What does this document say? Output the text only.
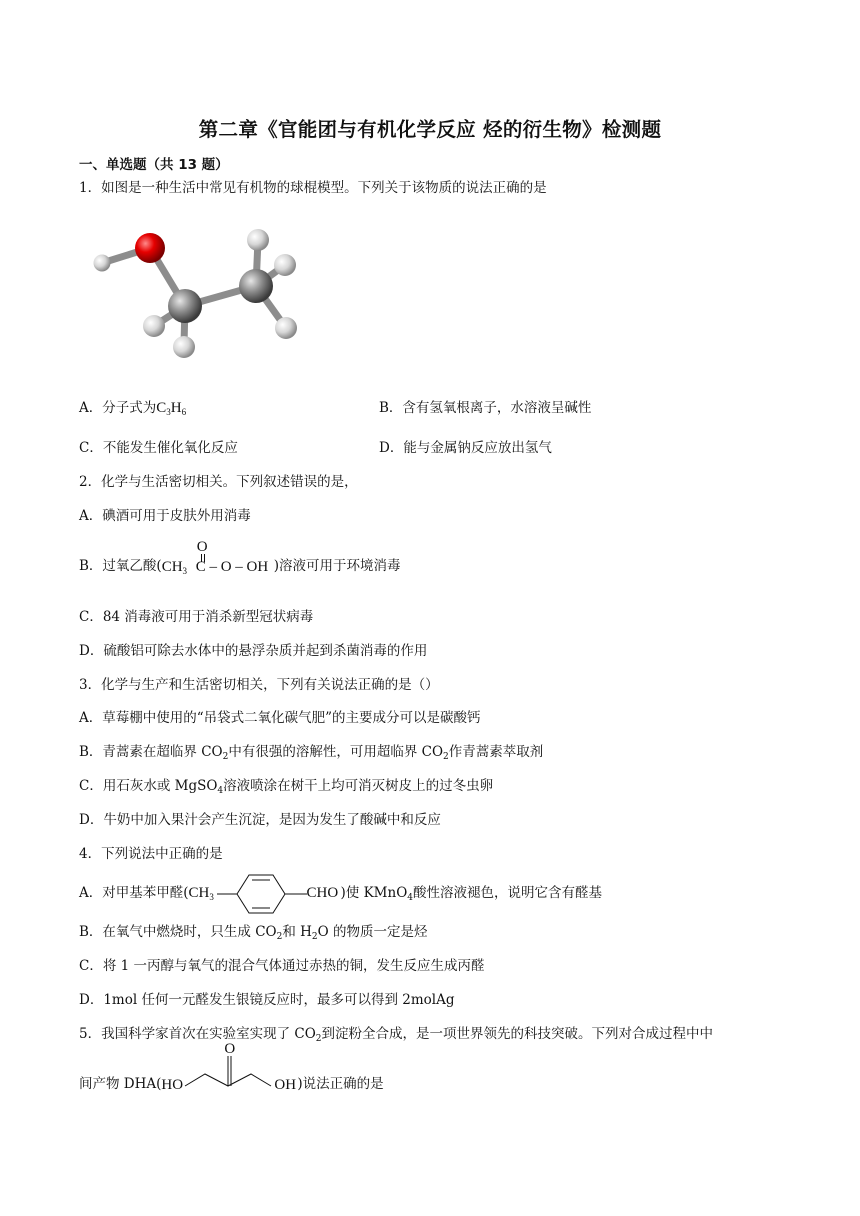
第二章《官能团与有机化学反应 烃的衍生物》检测题
一、单选题（共 13 题）
1．如图是一种生活中常见有机物的球棍模型。下列关于该物质的说法正确的是
A．分子式为$C_3H_6$	B．含有氢氧根离子，水溶液呈碱性
C．不能发生催化氧化反应	D．能与金属钠反应放出氢气
2．化学与生活密切相关。下列叙述错误的是，
A．碘酒可用于皮肤外用消毒
B．过氧乙酸(
O
$CH_3$ C – O – OH )溶液可用于环境消毒
C．84 消毒液可用于消杀新型冠状病毒
D．硫酸铝可除去水体中的悬浮杂质并起到杀菌消毒的作用
3．化学与生产和生活密切相关，下列有关说法正确的是（）
A．草莓棚中使用的“吊袋式二氧化碳气肥”的主要成分可以是碳酸钙
B．青蒿素在超临界 $CO_2$中有很强的溶解性，可用超临界 $CO_2$作青蒿素萃取剂
C．用石灰水或 MgSO$_4$溶液喷涂在树干上均可消灭树皮上的过冬虫卵
D．牛奶中加入果汁会产生沉淀，是因为发生了酸碱中和反应
4．下列说法中正确的是
A．对甲基苯甲醛( $CH_3$	CHO )使 KMnO$_4$酸性溶液褪色，说明它含有醛基
B．在氧气中燃烧时，只生成 $CO_2$和 $H_2O$ 的物质一定是烃
C．将 1 一丙醇与氧气的混合气体通过赤热的铜，发生反应生成丙醛
D．1mol 任何一元醛发生银镜反应时，最多可以得到 2molAg
5．我国科学家首次在实验室实现了 $CO_2$到淀粉全合成，是一项世界领先的科技突破。下列对合成过程中中
间产物 DHA( HO
O
OH )说法正确的是
